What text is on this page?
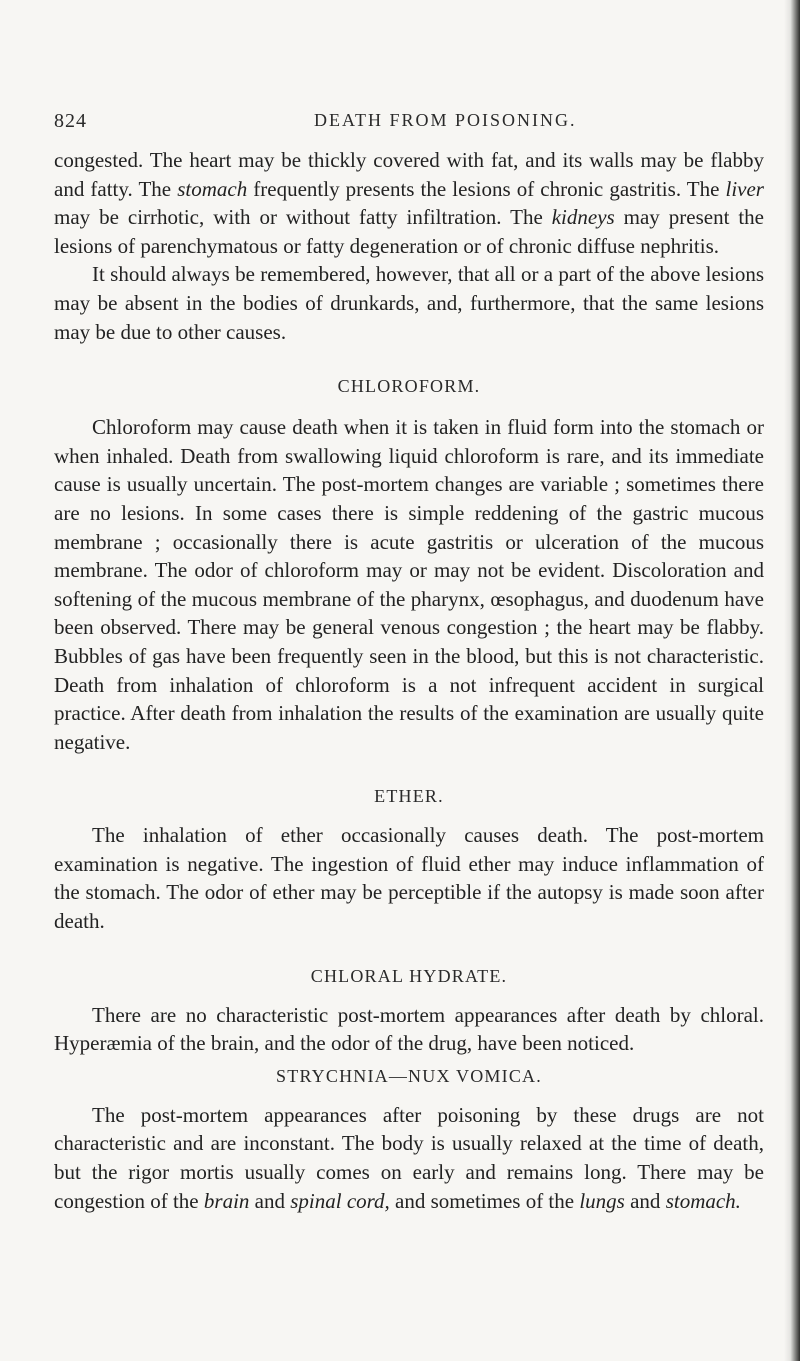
824	DEATH FROM POISONING.

congested. The heart may be thickly covered with fat, and its walls may be flabby and fatty. The stomach frequently presents the lesions of chronic gastritis. The liver may be cirrhotic, with or without fatty infiltration. The kidneys may present the lesions of parenchymatous or fatty degeneration or of chronic diffuse nephritis.

It should always be remembered, however, that all or a part of the above lesions may be absent in the bodies of drunkards, and, furthermore, that the same lesions may be due to other causes.

CHLOROFORM.

Chloroform may cause death when it is taken in fluid form into the stomach or when inhaled. Death from swallowing liquid chloroform is rare, and its immediate cause is usually uncertain. The post-mortem changes are variable ; sometimes there are no lesions. In some cases there is simple reddening of the gastric mucous membrane ; occasionally there is acute gastritis or ulceration of the mucous membrane. The odor of chloroform may or may not be evident. Discoloration and softening of the mucous membrane of the pharynx, œsophagus, and duodenum have been observed. There may be general venous congestion ; the heart may be flabby. Bubbles of gas have been frequently seen in the blood, but this is not characteristic. Death from inhalation of chloroform is a not infrequent accident in surgical practice. After death from inhalation the results of the examination are usually quite negative.

ETHER.

The inhalation of ether occasionally causes death. The post-mortem examination is negative. The ingestion of fluid ether may induce inflammation of the stomach. The odor of ether may be perceptible if the autopsy is made soon after death.

CHLORAL HYDRATE.

There are no characteristic post-mortem appearances after death by chloral. Hyperæmia of the brain, and the odor of the drug, have been noticed.

STRYCHNIA—NUX VOMICA.

The post-mortem appearances after poisoning by these drugs are not characteristic and are inconstant. The body is usually relaxed at the time of death, but the rigor mortis usually comes on early and remains long. There may be congestion of the brain and spinal cord, and sometimes of the lungs and stomach.
